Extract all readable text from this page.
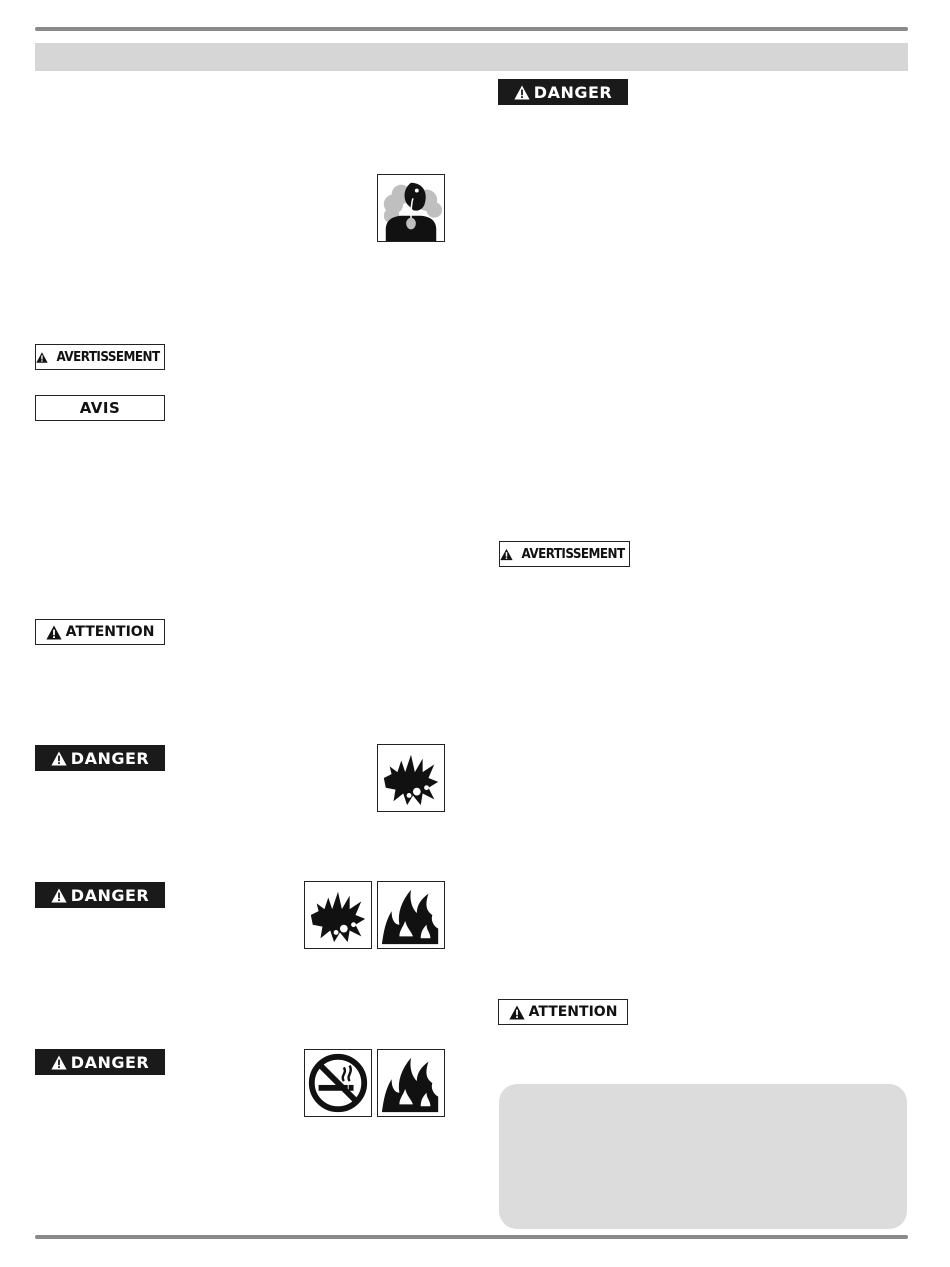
AVERTISSEMENT
AVIS
ATTENTION
DANGER
DANGER
DANGER
DANGER
AVERTISSEMENT
ATTENTION
